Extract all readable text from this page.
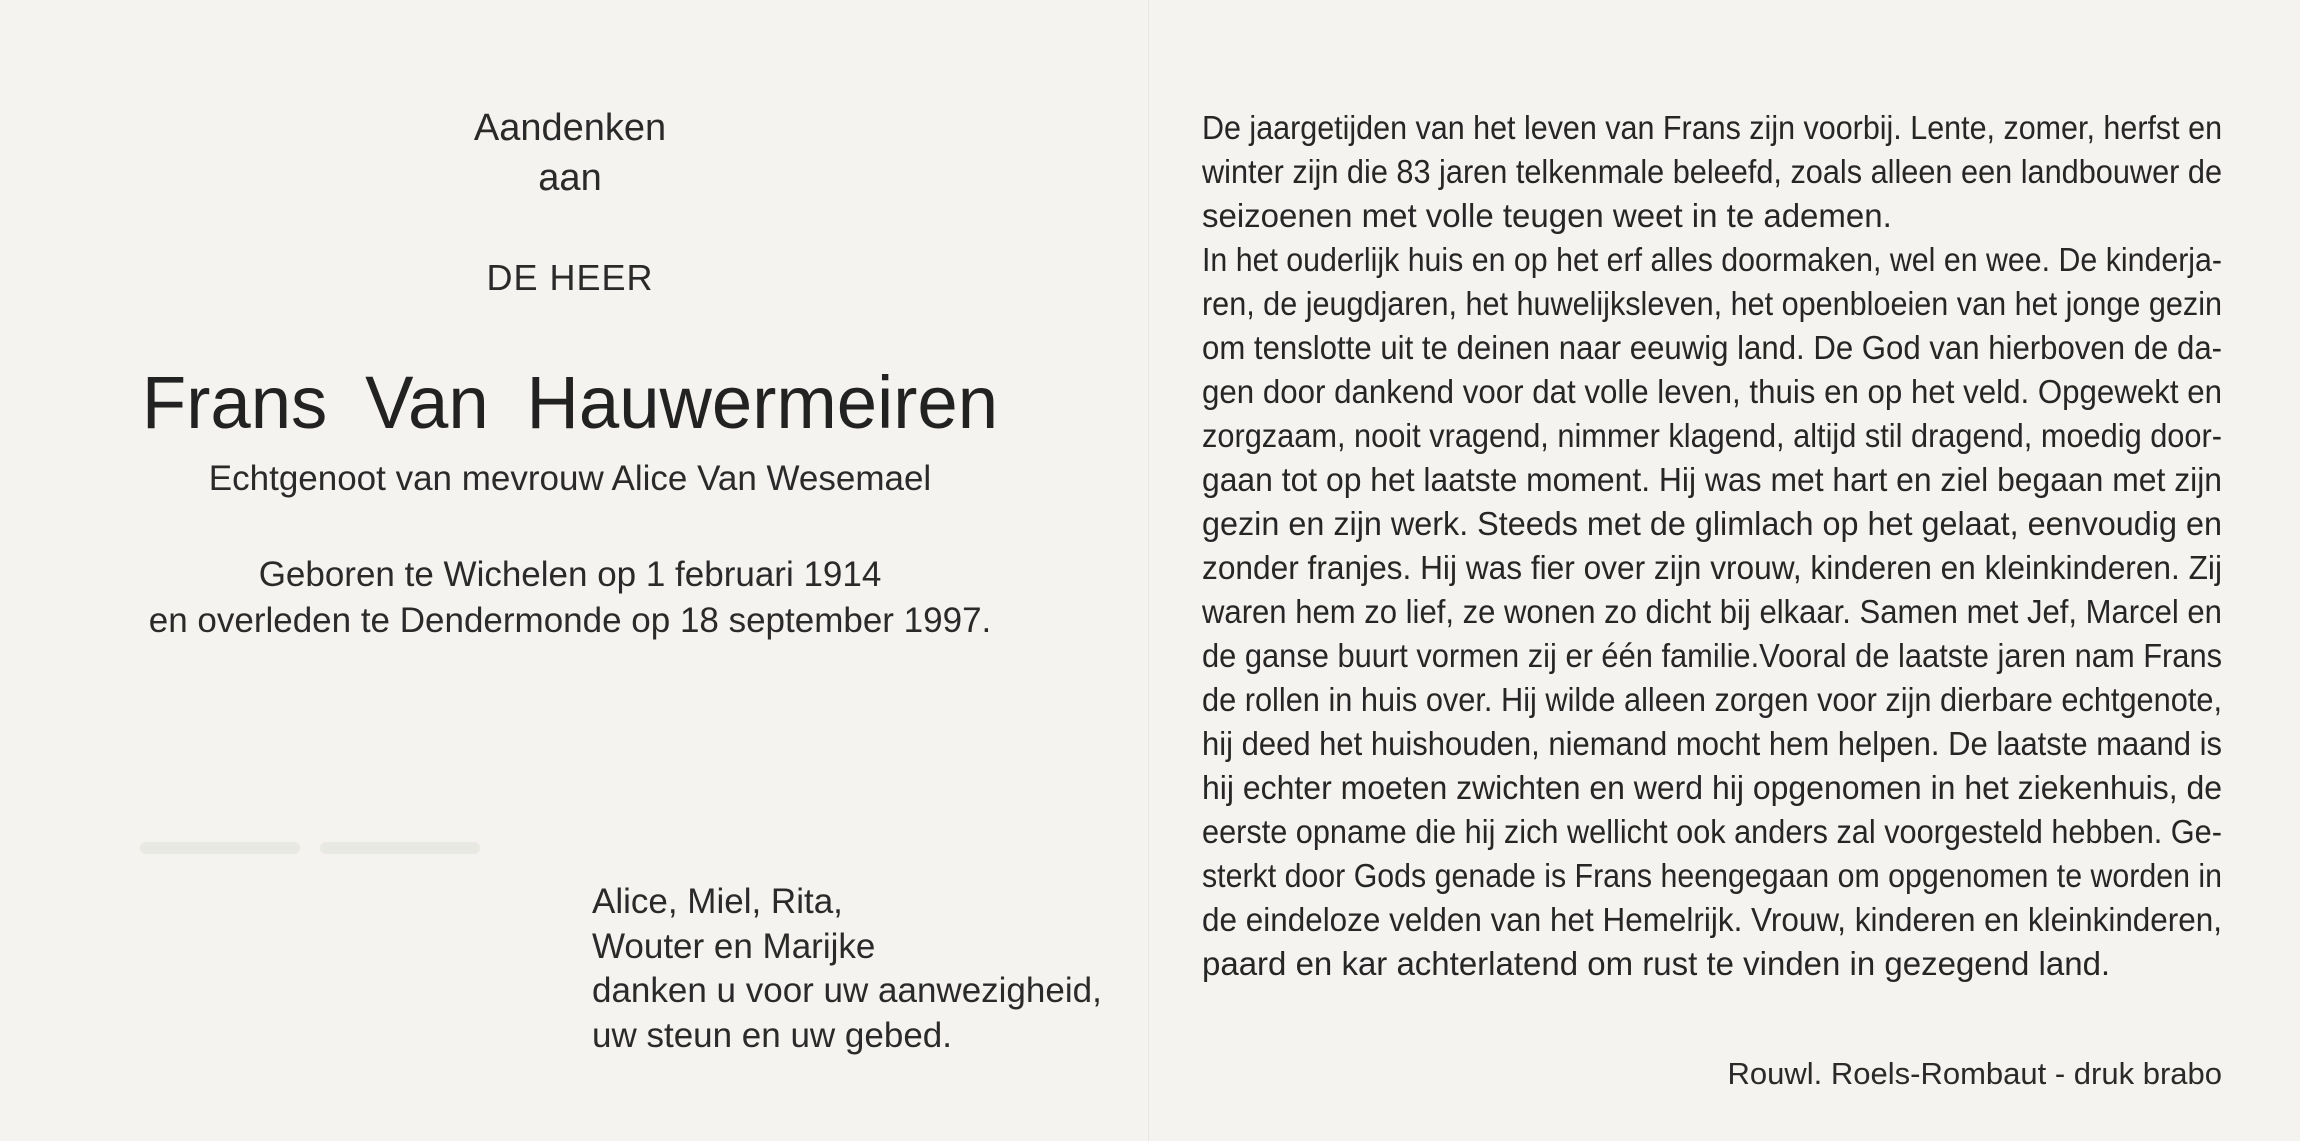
Aandenken
aan
DE HEER
Frans Van Hauwermeiren
Echtgenoot van mevrouw Alice Van Wesemael
Geboren te Wichelen op 1 februari 1914
en overleden te Dendermonde op 18 september 1997.
Alice, Miel, Rita,
Wouter en Marijke
danken u voor uw aanwezigheid,
uw steun en uw gebed.
De jaargetijden van het leven van Frans zijn voorbij. Lente, zomer, herfst en
winter zijn die 83 jaren telkenmale beleefd, zoals alleen een landbouwer de
seizoenen met volle teugen weet in te ademen.
In het ouderlijk huis en op het erf alles doormaken, wel en wee. De kinderja-
ren, de jeugdjaren, het huwelijksleven, het openbloeien van het jonge gezin
om tenslotte uit te deinen naar eeuwig land. De God van hierboven de da-
gen door dankend voor dat volle leven, thuis en op het veld. Opgewekt en
zorgzaam, nooit vragend, nimmer klagend, altijd stil dragend, moedig door-
gaan tot op het laatste moment. Hij was met hart en ziel begaan met zijn
gezin en zijn werk. Steeds met de glimlach op het gelaat, eenvoudig en
zonder franjes. Hij was fier over zijn vrouw, kinderen en kleinkinderen. Zij
waren hem zo lief, ze wonen zo dicht bij elkaar. Samen met Jef, Marcel en
de ganse buurt vormen zij er één familie.Vooral de laatste jaren nam Frans
de rollen in huis over. Hij wilde alleen zorgen voor zijn dierbare echtgenote,
hij deed het huishouden, niemand mocht hem helpen. De laatste maand is
hij echter moeten zwichten en werd hij opgenomen in het ziekenhuis, de
eerste opname die hij zich wellicht ook anders zal voorgesteld hebben. Ge-
sterkt door Gods genade is Frans heengegaan om opgenomen te worden in
de eindeloze velden van het Hemelrijk. Vrouw, kinderen en kleinkinderen,
paard en kar achterlatend om rust te vinden in gezegend land.
Rouwl. Roels-Rombaut - druk brabo
